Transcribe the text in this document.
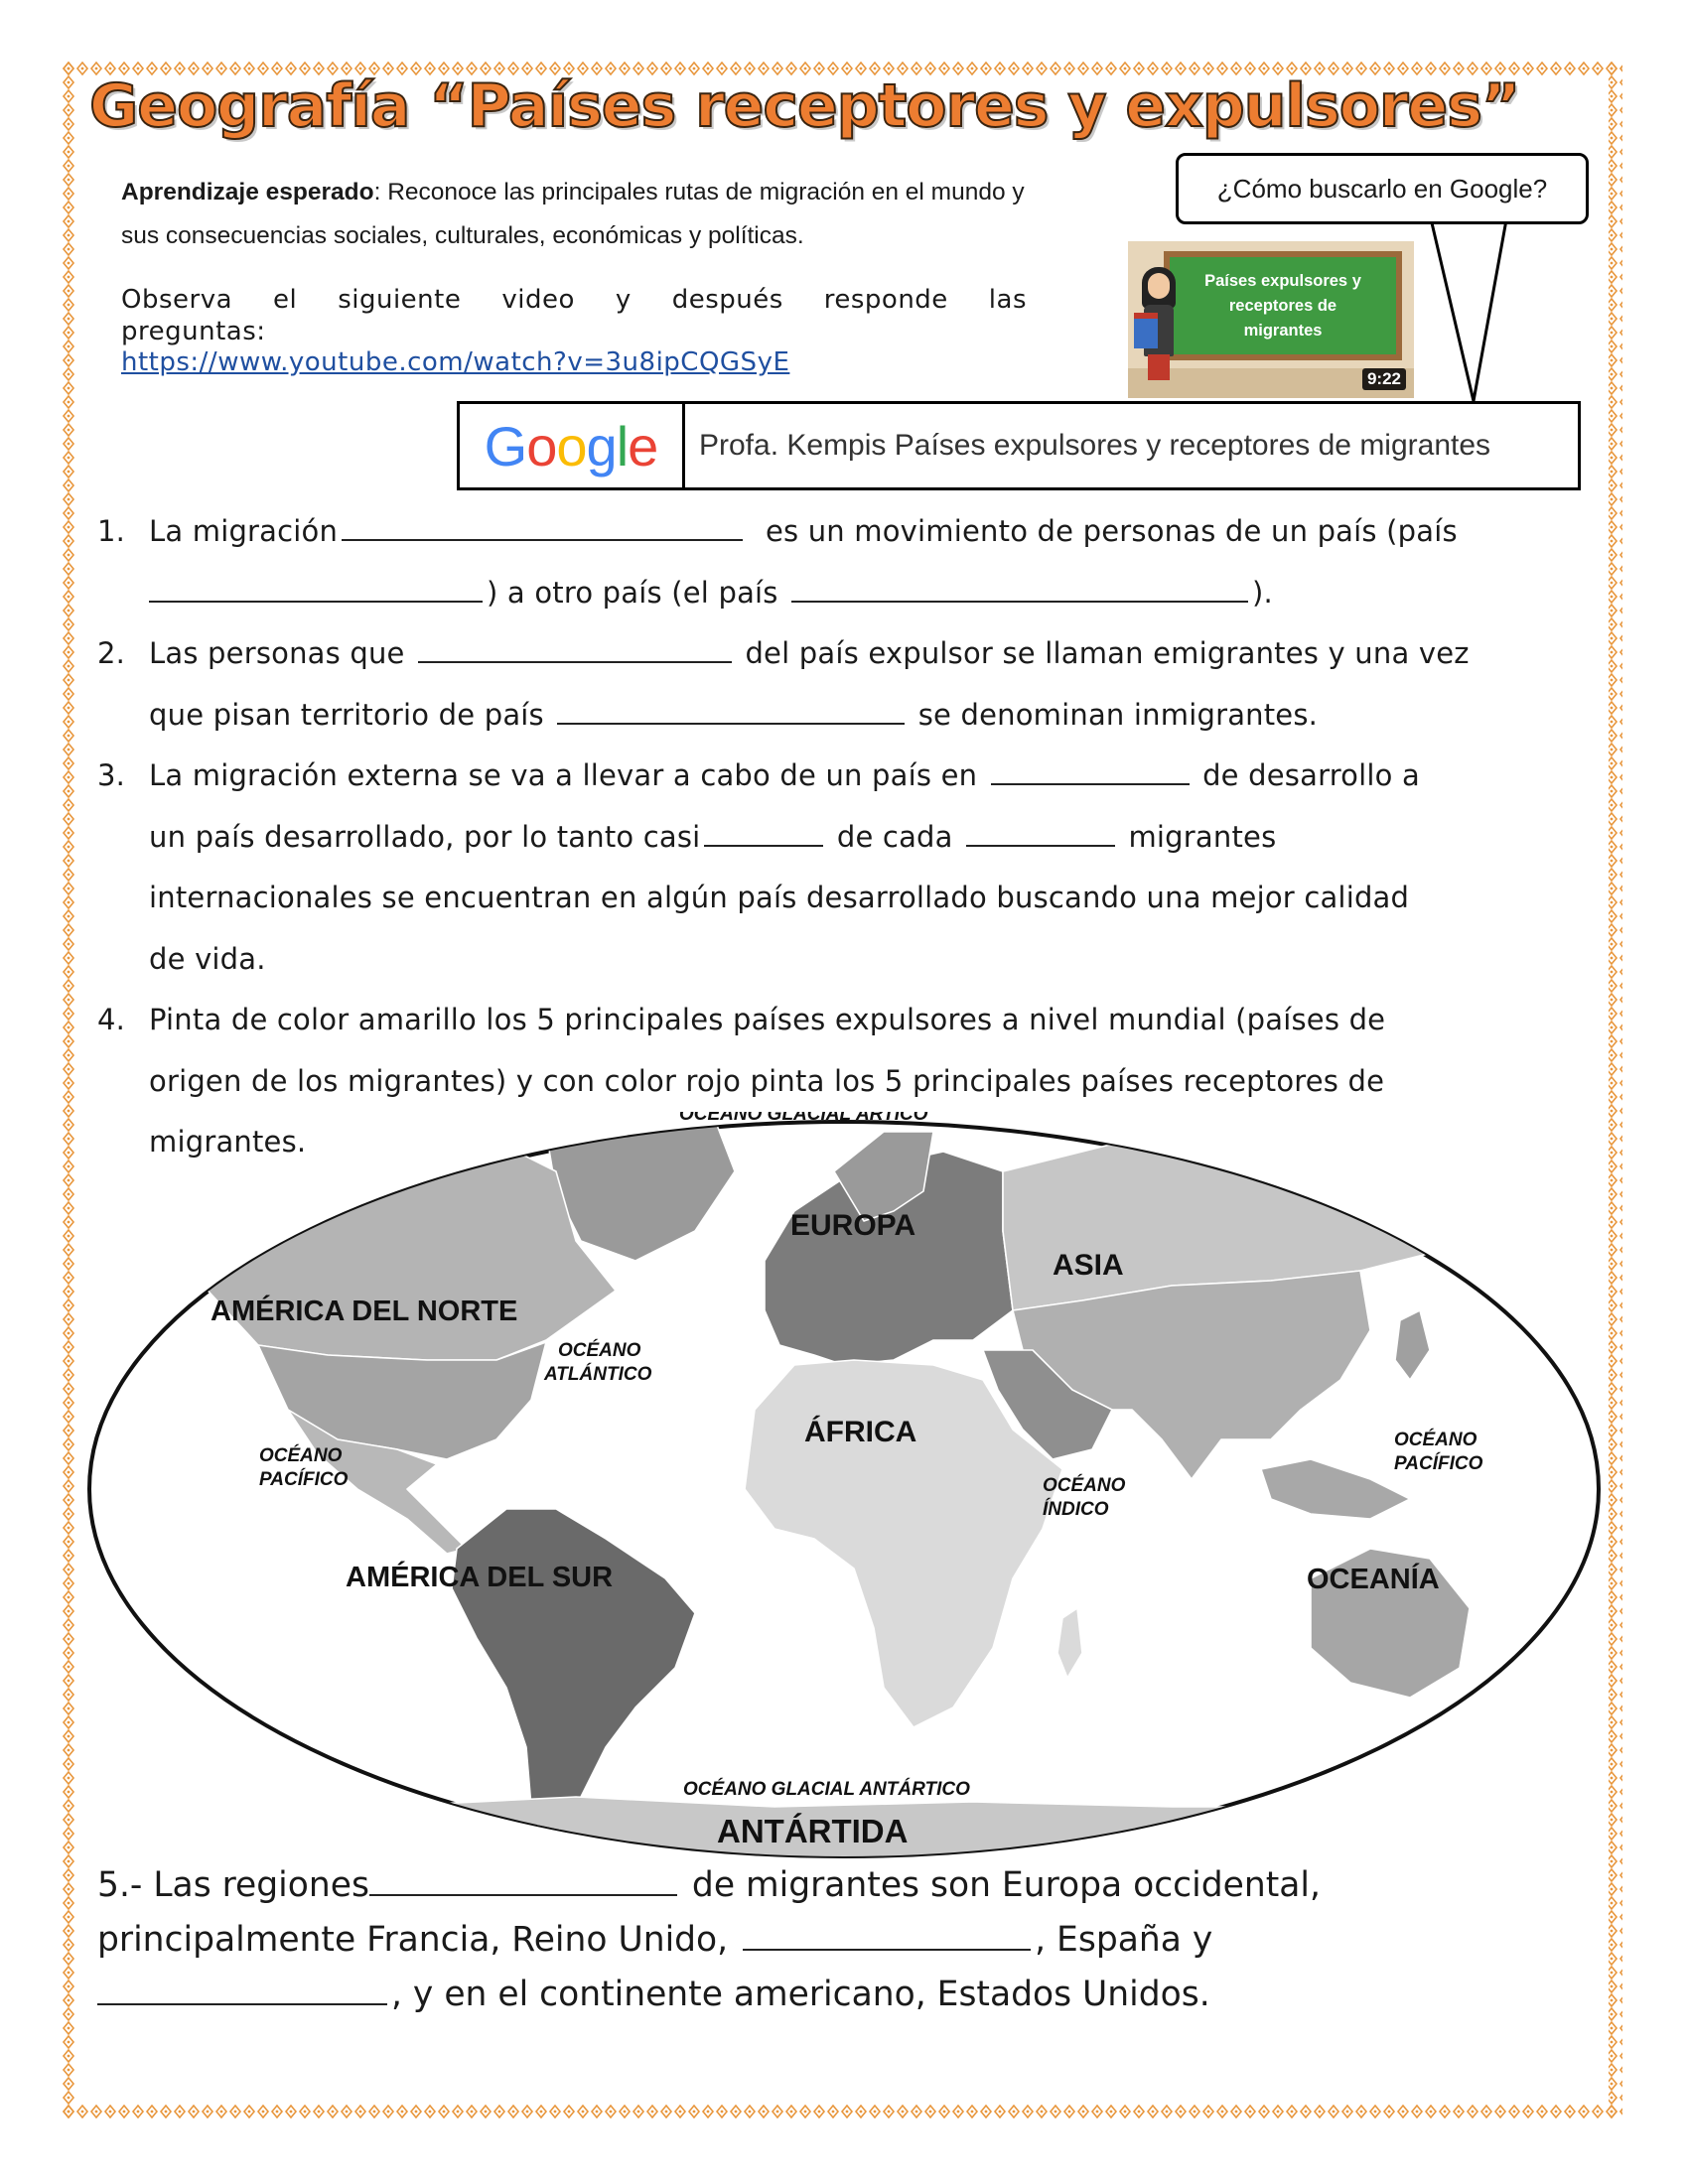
Geografía “Países receptores y expulsores”
Aprendizaje esperado: Reconoce las principales rutas de migración en el mundo y sus consecuencias sociales, culturales, económicas y políticas.
Observa el siguiente video y después responde las
preguntas:
https://www.youtube.com/watch?v=3u8ipCQGSyE
¿Cómo buscarlo en Google?
Países expulsores y
receptores de
migrantes
9:22
G o o g l e	Profa. Kempis Países expulsores y receptores de migrantes
1. La migración	es un movimiento de personas de un país (país
) a otro país (el país	).
2. Las personas que	del país expulsor se llaman emigrantes y una vez
que pisan territorio de país	se denominan inmigrantes.
3. La migración externa se va a llevar a cabo de un país en	de desarrollo a
un país desarrollado, por lo tanto casi	de cada	migrantes
internacionales se encuentran en algún país desarrollado buscando una mejor calidad
de vida.
4. Pinta de color amarillo los 5 principales países expulsores a nivel mundial (países de
origen de los migrantes) y con color rojo pinta los 5 principales países receptores de
migrantes.
OCÉANO GLACIAL ÁRTICO
EUROPA
ASIA
AMÉRICA DEL NORTE
OCÉANO
ATLÁNTICO
ÁFRICA
OCÉANO
PACÍFICO
OCÉANO
PACÍFICO
OCÉANO
ÍNDICO
AMÉRICA DEL SUR	OCEANÍA
OCÉANO GLACIAL ANTÁRTICO
ANTÁRTIDA
5.- Las regiones	de migrantes son Europa occidental,
principalmente Francia, Reino Unido,	, España y
, y en el continente americano, Estados Unidos.
